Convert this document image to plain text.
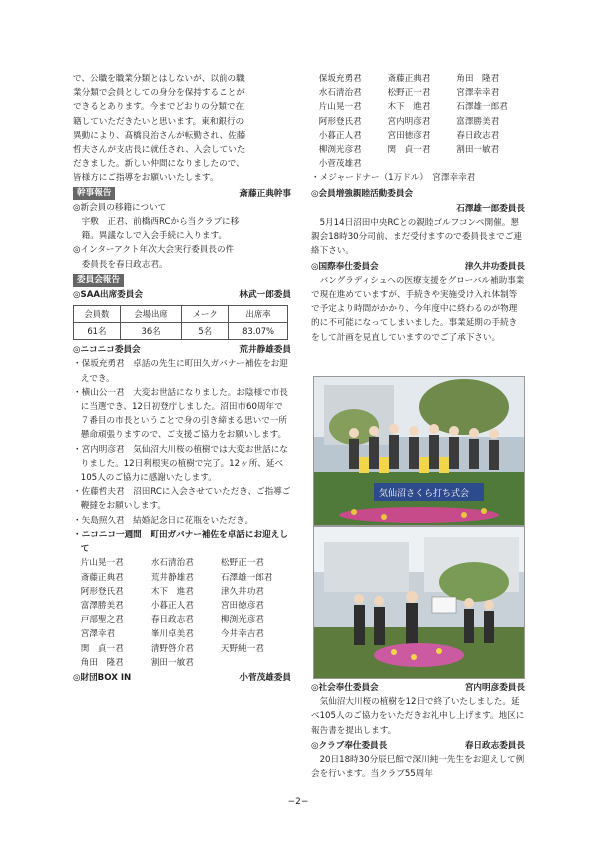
で、公職を職業分類とはしないが、以前の職

業分類で会員としての身分を保持することが

できるとあります。今までどおりの分類で在

籍していただきたいと思います。東和銀行の

異動により、髙橋良治さんが転勤され、佐藤

哲夫さんが支店長に就任され、入会していた

だきました。新しい仲間になりましたので、

皆様方にご指導をお願いいたします。

幹事報告	斎藤正典幹事

◎新会員の移籍について

　宇敷　正君、前橋西RCから当クラブに移

　籍。異議なしで入会手続に入ります。

◎インターアクト年次大会実行委員長の件

　委員長を春日政志君。

委員会報告
◎SAA出席委員会	林武一郎委員
会員数	会場出席	メーク	出席率
61名	36名	5名	83.07%
◎ニコニコ委員会	荒井静雄委員

・保坂充勇君　卓話の先生に町田久ガバナー補佐をお迎えでき。

・横山公一君　大変お世話になりました。お陰様で市長に当選でき、12日初登庁しました。沼田市60周年で７番目の市長ということで身の引き締まる思いで一所懸命頑張りますので、ご支援ご協力をお願いします。

・宮内明彦君　気仙沼大川桜の植樹では大変お世話になりました。12日利根実の植樹で完了。12ヶ所、延べ105人のご協力に感謝いたします。

・佐藤哲夫君　沼田RCに入会させていただき、ご指導ご鞭撻をお願いします。

・矢島照久君　結婚記念日に花瓶をいただき。

・ニコニコ一週間　町田ガバナー補佐を卓話にお迎えして

片山晃一君	水石清治君	松野正一君
斎藤正典君	荒井静雄君	石澤雄一郎君
阿形登氏君	木下　進君	津久井功君
富澤勝美君	小暮正人君	宮田徳彦君
戸部聖之君	春日政志君	柳渕光彦君
宮澤幸君	峯川卓美君	今井幸吉君
関　貞一君	清野啓介君	天野純一君
角田　隆君	割田一敏君
◎財団BOX IN	小菅茂雄委員
保坂充勇君	斎藤正典君	角田　隆君
水石清治君	松野正一君	宮澤幸幸君
片山晃一君	木下　進君	石澤雄一郎君
阿形登氏君	宮内明彦君	富澤勝美君
小暮正人君	宮田徳彦君	春日政志君
柳渕光彦君	関　貞一君	割田一敏君
小菅茂雄君

・メジャードナー（1万ドル）　宮澤幸幸君

◎会員増強親睦活動委員会
石澤雄一郎委員長

　5月14日沼田中央RCとの親睦ゴルフコンペ開催。懇親会18時30分司前、まだ受付ますので委員長までご連絡下さい。

◎国際奉仕委員会	津久井功委員長

　バングラディシュへの医療支援をグローバル補助事業で現在進めていますが、手続きや実施受け入れ体制等で予定より時間がかかり、今年度中に終わるのが物理的に不可能になってしまいました。事業延期の手続きをして計画を見直していますのでご了承下さい。

気仙沼さくら打ち式会
◎社会奉仕委員会	宮内明彦委員長

　気仙沼大川桜の植樹を12日で終了いたしました。延べ105人のご協力をいただきお礼申し上げます。地区に報告書を提出します。

◎クラブ奉仕委員長	春日政志委員長

　20日18時30分辰巳館で深川純一先生をお迎えして例会を行います。当クラブ55周年

−2−
